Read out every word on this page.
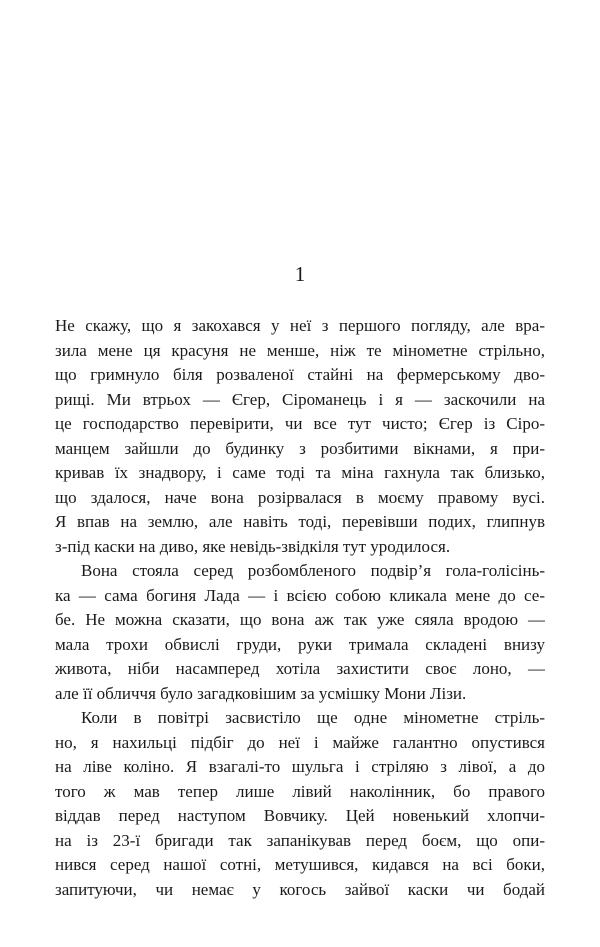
1
Не скажу, що я закохався у неї з першого погляду, але вра-
зила мене ця красуня не менше, ніж те мінометне стрільно,
що гримнуло біля розваленої стайні на фермерському дво-
рищі. Ми втрьох — Єгер, Сіроманець і я — заскочили на
це господарство перевірити, чи все тут чисто; Єгер із Сіро-
манцем зайшли до будинку з розбитими вікнами, я при-
кривав їх знадвору, і саме тоді та міна гахнула так близько,
що здалося, наче вона розірвалася в моєму правому вусі.
Я впав на землю, але навіть тоді, перевівши подих, глипнув
з-під каски на диво, яке невідь-звідкіля тут уродилося.
Вона стояла серед розбомбленого подвір’я гола-голісінь-
ка — сама богиня Лада — і всією собою кликала мене до се-
бе. Не можна сказати, що вона аж так уже сяяла вродою —
мала трохи обвислі груди, руки тримала складені внизу
живота, ніби насамперед хотіла захистити своє лоно, —
але її обличчя було загадковішим за усмішку Мони Лізи.
Коли в повітрі засвистіло ще одне мінометне стріль-
но, я нахильці підбіг до неї і майже галантно опустився
на ліве коліно. Я взагалі-то шульга і стріляю з лівої, а до
того ж мав тепер лише лівий наколінник, бо правого
віддав перед наступом Вовчику. Цей новенький хлопчи-
на із 23-ї бригади так запанікував перед боєм, що опи-
нився серед нашої сотні, метушився, кидався на всі боки,
запитуючи, чи немає у когось зайвої каски чи бодай
